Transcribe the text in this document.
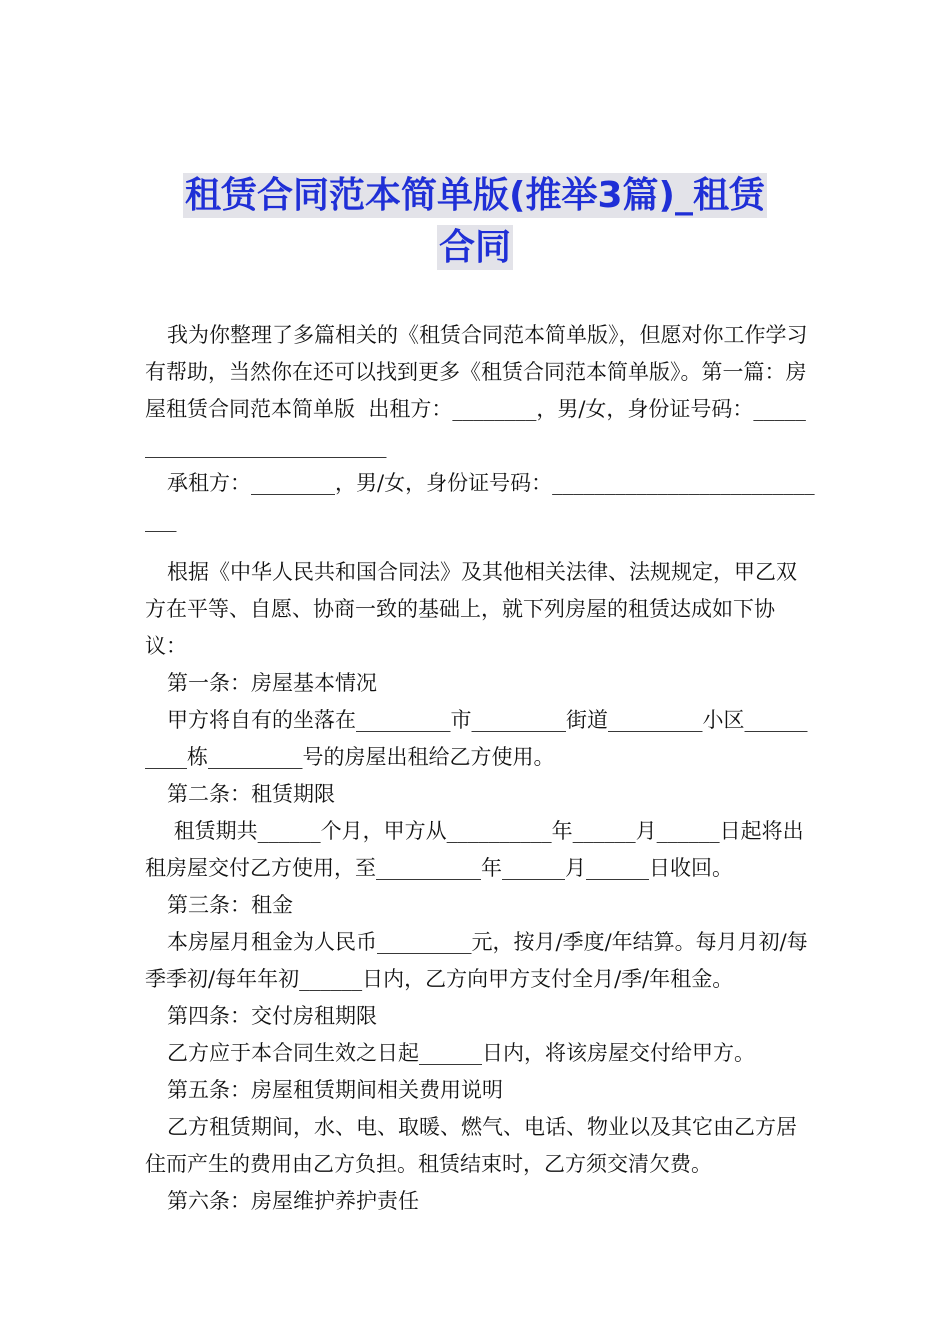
租赁合同范本简单版(推举3篇)_租赁
合同

我为你整理了多篇相关的《租赁合同范本简单版》，但愿对你工作学习有帮助，当然你在还可以找到更多《租赁合同范本简单版》。第一篇：房屋租赁合同范本简单版  出租方：________，男/女，身份证号码：____________________________

承租方：________，男/女，身份证号码：____________________________

根据《中华人民共和国合同法》及其他相关法律、法规规定，甲乙双方在平等、自愿、协商一致的基础上，就下列房屋的租赁达成如下协议：

第一条：房屋基本情况

甲方将自有的坐落在_________市_________街道_________小区__________栋_________号的房屋出租给乙方使用。

第二条：租赁期限

租赁期共______个月，甲方从__________年______月______日起将出租房屋交付乙方使用，至__________年______月______日收回。

第三条：租金

本房屋月租金为人民币_________元，按月/季度/年结算。每月月初/每季季初/每年年初______日内，乙方向甲方支付全月/季/年租金。

第四条：交付房租期限

乙方应于本合同生效之日起______日内，将该房屋交付给甲方。

第五条：房屋租赁期间相关费用说明

乙方租赁期间，水、电、取暖、燃气、电话、物业以及其它由乙方居住而产生的费用由乙方负担。租赁结束时，乙方须交清欠费。

第六条：房屋维护养护责任
